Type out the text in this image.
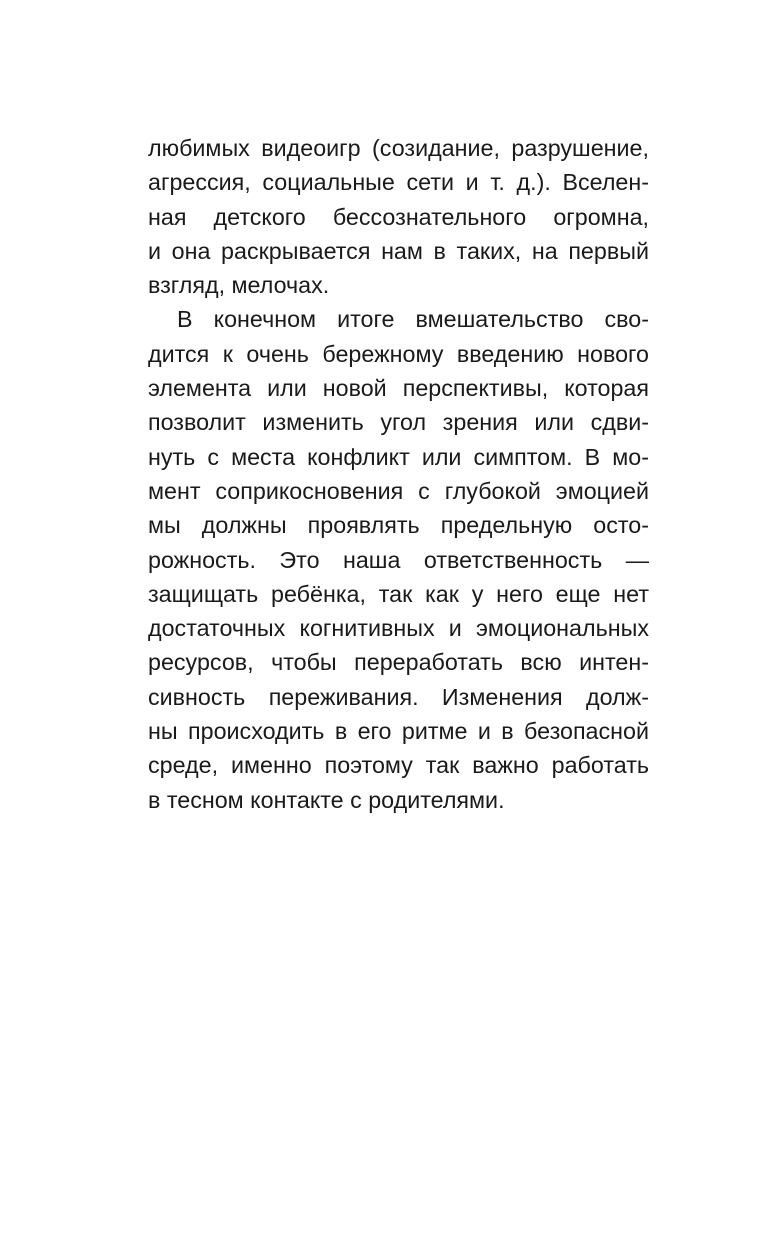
любимых видеоигр (созидание, разрушение,
агрессия, социальные сети и т. д.). Вселен-
ная детского бессознательного огромна,
и она раскрывается нам в таких, на первый
взгляд, мелочах.
В конечном итоге вмешательство сво-
дится к очень бережному введению нового
элемента или новой перспективы, которая
позволит изменить угол зрения или сдви-
нуть с места конфликт или симптом. В мо-
мент соприкосновения с глубокой эмоцией
мы должны проявлять предельную осто-
рожность. Это наша ответственность —
защищать ребёнка, так как у него еще нет
достаточных когнитивных и эмоциональных
ресурсов, чтобы переработать всю интен-
сивность переживания. Изменения долж-
ны происходить в его ритме и в безопасной
среде, именно поэтому так важно работать
в тесном контакте с родителями.
